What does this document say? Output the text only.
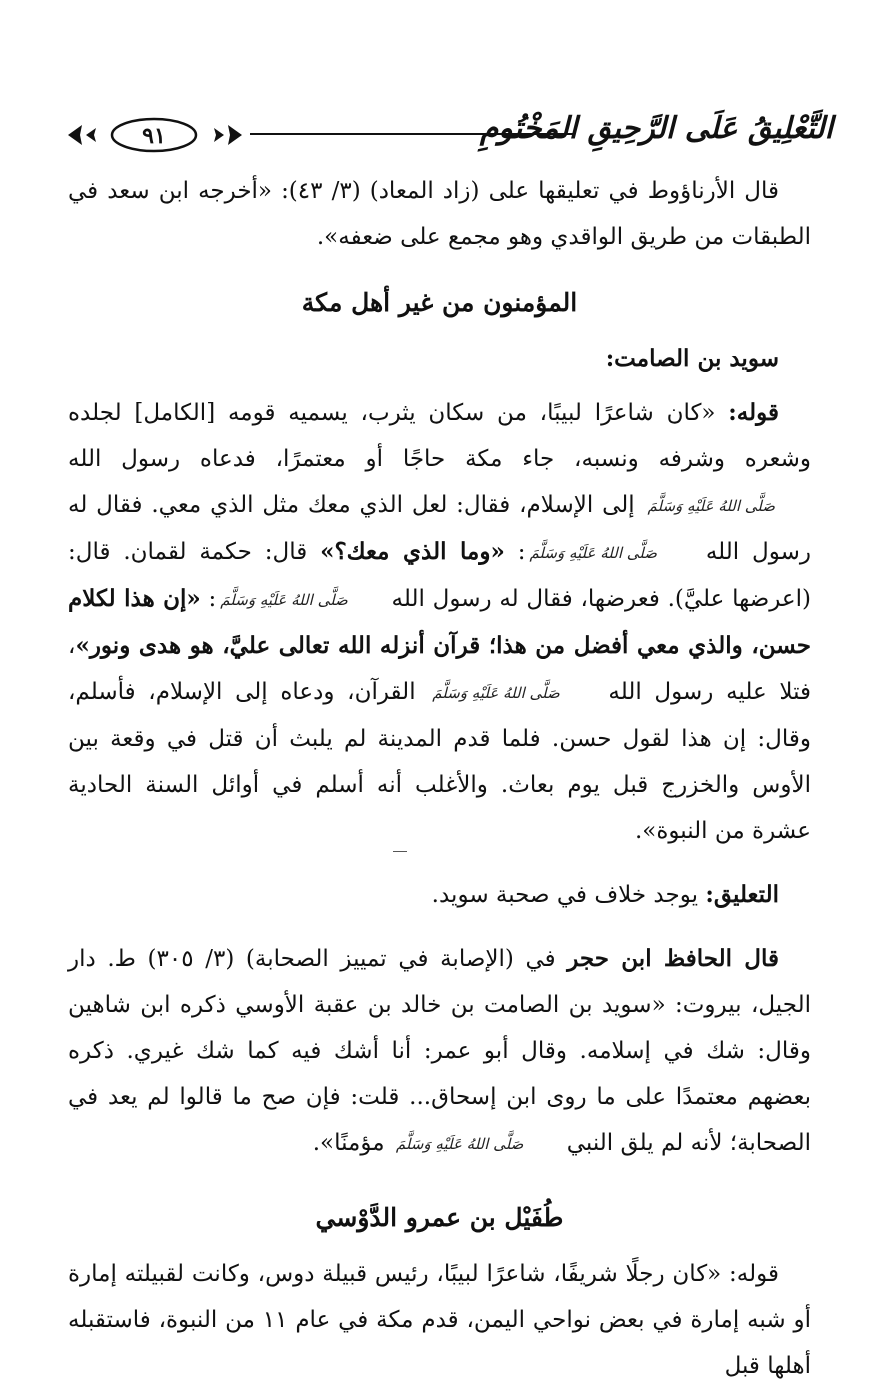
التَّعْلِيقُ عَلَى الرَّحِيقِ المَخْتُومِ
٩١

قال الأرناؤوط في تعليقها على (زاد المعاد) (٣/ ٤٣): «أخرجه ابن سعد في الطبقات من طريق الواقدي وهو مجمع على ضعفه».

المؤمنون من غير أهل مكة

سويد بن الصامت:

قوله: «كان شاعرًا لبيبًا، من سكان يثرب، يسميه قومه [الكامل] لجلده وشعره وشرفه ونسبه، جاء مكة حاجًا أو معتمرًا، فدعاه رسول الله صَلَّى اللهُ عَلَيْهِ وَسَلَّمَ إلى الإسلام، فقال: لعل الذي معك مثل الذي معي. فقال له رسول الله صَلَّى اللهُ عَلَيْهِ وَسَلَّمَ: «وما الذي معك؟» قال: حكمة لقمان. قال: (اعرضها عليَّ). فعرضها، فقال له رسول الله صَلَّى اللهُ عَلَيْهِ وَسَلَّمَ: «إن هذا لكلام حسن، والذي معي أفضل من هذا؛ قرآن أنزله الله تعالى عليَّ، هو هدى ونور»، فتلا عليه رسول الله صَلَّى اللهُ عَلَيْهِ وَسَلَّمَ القرآن، ودعاه إلى الإسلام، فأسلم، وقال: إن هذا لقول حسن. فلما قدم المدينة لم يلبث أن قتل في وقعة بين الأوس والخزرج قبل يوم بعاث. والأغلب أنه أسلم في أوائل السنة الحادية عشرة من النبوة».

التعليق: يوجد خلاف في صحبة سويد.

قال الحافظ ابن حجر في (الإصابة في تمييز الصحابة) (٣/ ٣٠٥) ط. دار الجيل، بيروت: «سويد بن الصامت بن خالد بن عقبة الأوسي ذكره ابن شاهين وقال: شك في إسلامه. وقال أبو عمر: أنا أشك فيه كما شك غيري. ذكره بعضهم معتمدًا على ما روى ابن إسحاق... قلت: فإن صح ما قالوا لم يعد في الصحابة؛ لأنه لم يلق النبي صَلَّى اللهُ عَلَيْهِ وَسَلَّمَ مؤمنًا».

طُفَيْل بن عمرو الدَّوْسي

قوله: «كان رجلًا شريفًا، شاعرًا لبيبًا، رئيس قبيلة دوس، وكانت لقبيلته إمارة أو شبه إمارة في بعض نواحي اليمن، قدم مكة في عام ١١ من النبوة، فاستقبله أهلها قبل
